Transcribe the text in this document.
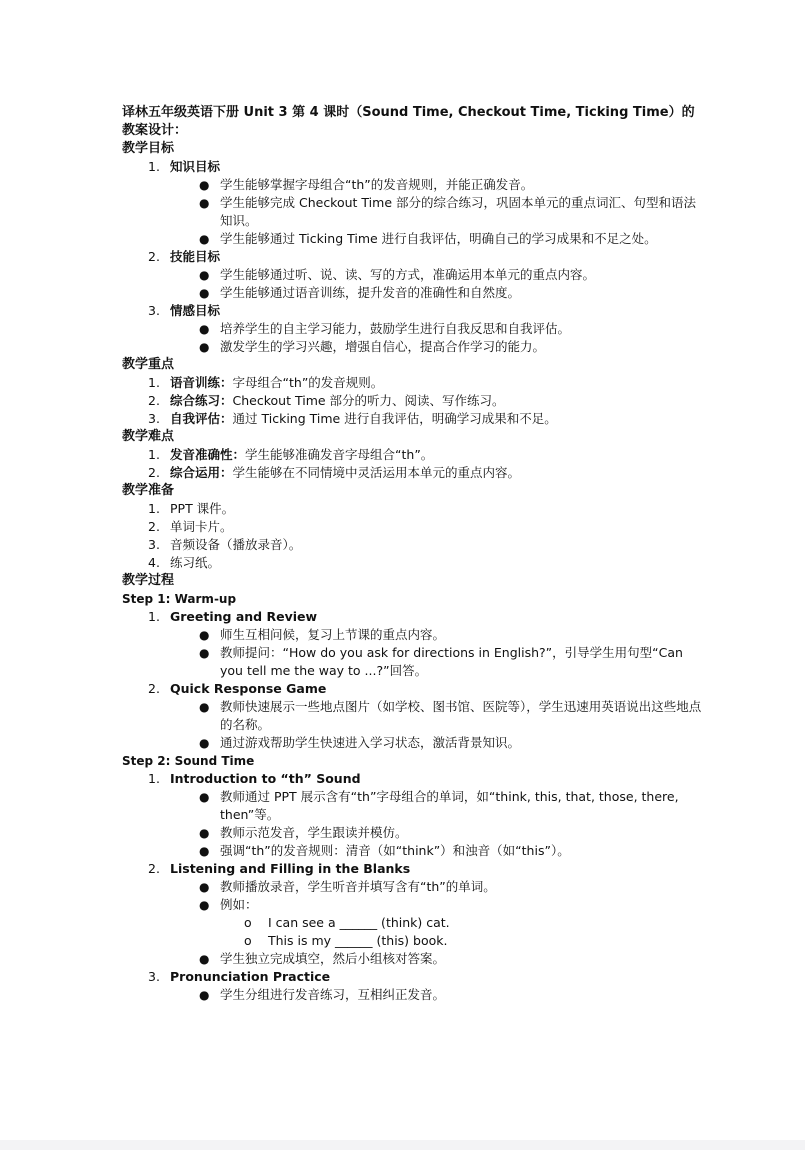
译林五年级英语下册 Unit 3 第 4 课时（Sound Time, Checkout Time, Ticking Time）的教案设计：

教学目标

1. 知识目标
● 学生能够掌握字母组合“th”的发音规则，并能正确发音。
● 学生能够完成 Checkout Time 部分的综合练习，巩固本单元的重点词汇、句型和语法知识。
● 学生能够通过 Ticking Time 进行自我评估，明确自己的学习成果和不足之处。
2. 技能目标
● 学生能够通过听、说、读、写的方式，准确运用本单元的重点内容。
● 学生能够通过语音训练，提升发音的准确性和自然度。
3. 情感目标
● 培养学生的自主学习能力，鼓励学生进行自我反思和自我评估。
● 激发学生的学习兴趣，增强自信心，提高合作学习的能力。

教学重点

1. 语音训练：字母组合“th”的发音规则。
2. 综合练习：Checkout Time 部分的听力、阅读、写作练习。
3. 自我评估：通过 Ticking Time 进行自我评估，明确学习成果和不足。

教学难点

1. 发音准确性：学生能够准确发音字母组合“th”。
2. 综合运用：学生能够在不同情境中灵活运用本单元的重点内容。

教学准备

1. PPT 课件。
2. 单词卡片。
3. 音频设备（播放录音）。
4. 练习纸。

教学过程

Step 1: Warm-up

1. Greeting and Review
● 师生互相问候，复习上节课的重点内容。
● 教师提问：“How do you ask for directions in English?”，引导学生用句型“Can you tell me the way to ...?”回答。
2. Quick Response Game
● 教师快速展示一些地点图片（如学校、图书馆、医院等），学生迅速用英语说出这些地点的名称。
● 通过游戏帮助学生快速进入学习状态，激活背景知识。

Step 2: Sound Time

1. Introduction to “th” Sound
● 教师通过 PPT 展示含有“th”字母组合的单词，如“think, this, that, those, there, then”等。
● 教师示范发音，学生跟读并模仿。
● 强调“th”的发音规则：清音（如“think”）和浊音（如“this”）。
2. Listening and Filling in the Blanks
● 教师播放录音，学生听音并填写含有“th”的单词。
● 例如：
o I can see a ______ (think) cat.
o This is my ______ (this) book.
● 学生独立完成填空，然后小组核对答案。
3. Pronunciation Practice
● 学生分组进行发音练习，互相纠正发音。
